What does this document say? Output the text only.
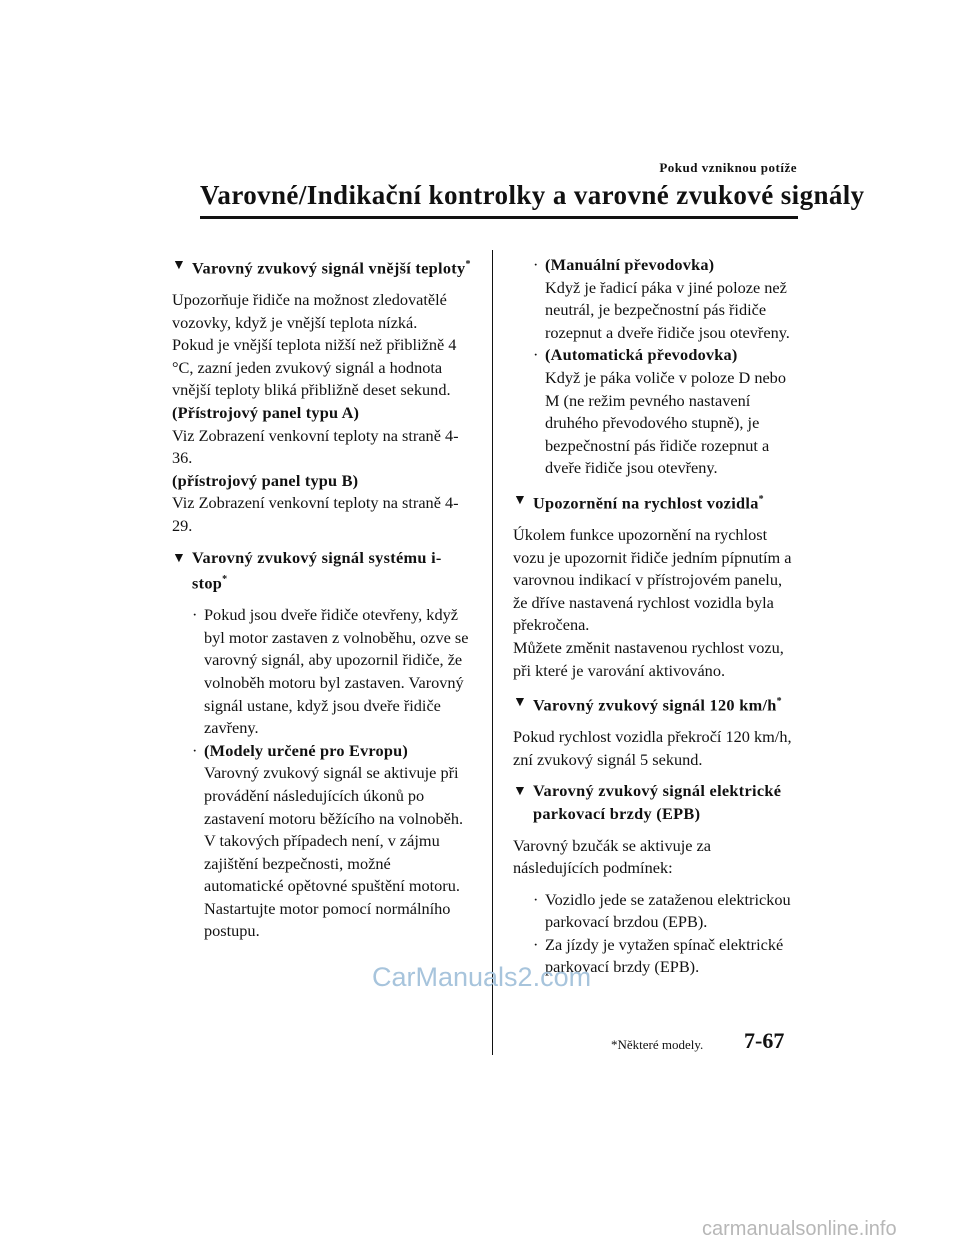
Pokud vzniknou potíže
Varovné/Indikační kontrolky a varovné zvukové signály
▼ Varovný zvukový signál vnější teploty*
Upozorňuje řidiče na možnost zledovatělé vozovky, když je vnější teplota nízká.
Pokud je vnější teplota nižší než přibližně 4 °C, zazní jeden zvukový signál a hodnota vnější teploty bliká přibližně deset sekund.
(Přístrojový panel typu A)
Viz Zobrazení venkovní teploty na straně 4-36.
(přístrojový panel typu B)
Viz Zobrazení venkovní teploty na straně 4-29.
▼ Varovný zvukový signál systému i-stop*
· Pokud jsou dveře řidiče otevřeny, když byl motor zastaven z volnoběhu, ozve se varovný signál, aby upozornil řidiče, že volnoběh motoru byl zastaven. Varovný signál ustane, když jsou dveře řidiče zavřeny.
· (Modely určené pro Evropu)
Varovný zvukový signál se aktivuje při provádění následujících úkonů po zastavení motoru běžícího na volnoběh. V takových případech není, v zájmu zajištění bezpečnosti, možné automatické opětovné spuštění motoru. Nastartujte motor pomocí normálního postupu.
· (Manuální převodovka)
Když je řadicí páka v jiné poloze než neutrál, je bezpečnostní pás řidiče rozepnut a dveře řidiče jsou otevřeny.
· (Automatická převodovka)
Když je páka voliče v poloze D nebo M (ne režim pevného nastavení druhého převodového stupně), je bezpečnostní pás řidiče rozepnut a dveře řidiče jsou otevřeny.
▼ Upozornění na rychlost vozidla*
Úkolem funkce upozornění na rychlost vozu je upozornit řidiče jedním pípnutím a varovnou indikací v přístrojovém panelu, že dříve nastavená rychlost vozidla byla překročena.
Můžete změnit nastavenou rychlost vozu, při které je varování aktivováno.
▼ Varovný zvukový signál 120 km/h*
Pokud rychlost vozidla překročí 120 km/h, zní zvukový signál 5 sekund.
▼ Varovný zvukový signál elektrické parkovací brzdy (EPB)
Varovný bzučák se aktivuje za následujících podmínek:
· Vozidlo jede se zataženou elektrickou parkovací brzdou (EPB).
· Za jízdy je vytažen spínač elektrické parkovací brzdy (EPB).
CarManuals2.com
*Některé modely. 7-67
carmanualsonline.info
